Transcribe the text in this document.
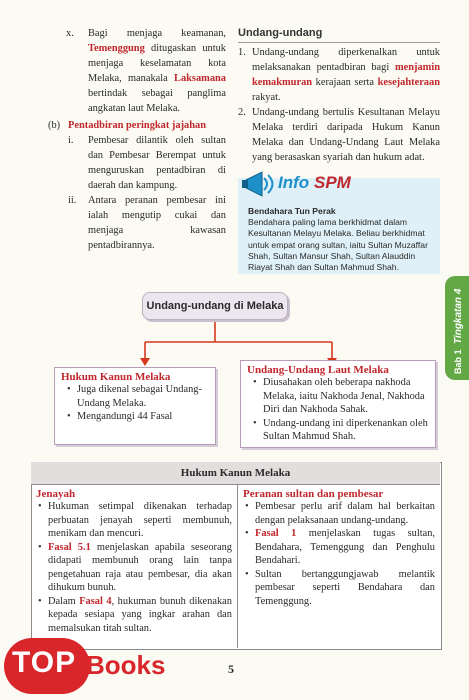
x.	Bagi menjaga keamanan, Temenggung ditugaskan untuk menjaga keselamatan kota Melaka, manakala Laksamana bertindak sebagai panglima angkatan laut Melaka.
(b) Pentadbiran peringkat jajahan
i.	Pembesar dilantik oleh sultan dan Pembesar Berempat untuk menguruskan pentadbiran di daerah dan kampung.
ii.	Antara peranan pembesar ini ialah mengutip cukai dan menjaga kawasan pentadbirannya.
Undang-undang
1. Undang-undang diperkenalkan untuk melaksanakan pentadbiran bagi menjamin kemakmuran kerajaan serta kesejahteraan rakyat.
2. Undang-undang bertulis Kesultanan Melayu Melaka terdiri daripada Hukum Kanun Melaka dan Undang-Undang Laut Melaka yang berasaskan syariah dan hukum adat.
Info SPM
Bendahara Tun Perak
Bendahara paling lama berkhidmat dalam Kesultanan Melayu Melaka. Beliau berkhidmat untuk empat orang sultan, iaitu Sultan Muzaffar Shah, Sultan Mansur Shah, Sultan Alauddin Riayat Shah dan Sultan Mahmud Shah.
Undang-undang di Melaka
Hukum Kanun Melaka
• Juga dikenal sebagai Undang-Undang Melaka.
• Mengandungi 44 Fasal
Undang-Undang Laut Melaka
• Diusahakan oleh beberapa nakhoda Melaka, iaitu Nakhoda Jenal, Nakhoda Diri dan Nakhoda Sahak.
• Undang-undang ini diperkenankan oleh Sultan Mahmud Shah.
Hukum Kanun Melaka
Jenayah
• Hukuman setimpal dikenakan terhadap perbuatan jenayah seperti membunuh, menikam dan mencuri.
• Fasal 5.1 menjelaskan apabila seseorang didapati membunuh orang lain tanpa pengetahuan raja atau pembesar, dia akan dihukum bunuh.
• Dalam Fasal 4, hukuman bunuh dikenakan kepada sesiapa yang ingkar arahan dan memalsukan titah sultan.
Peranan sultan dan pembesar
• Pembesar perlu arif dalam hal berkaitan dengan pelaksanaan undang-undang.
• Fasal 1 menjelaskan tugas sultan, Bendahara, Temenggung dan Penghulu Bendahari.
• Sultan bertanggungjawab melantik pembesar seperti Bendahara dan Temenggung.
5
Bab 1
Tingkatan 4
TOP Books
